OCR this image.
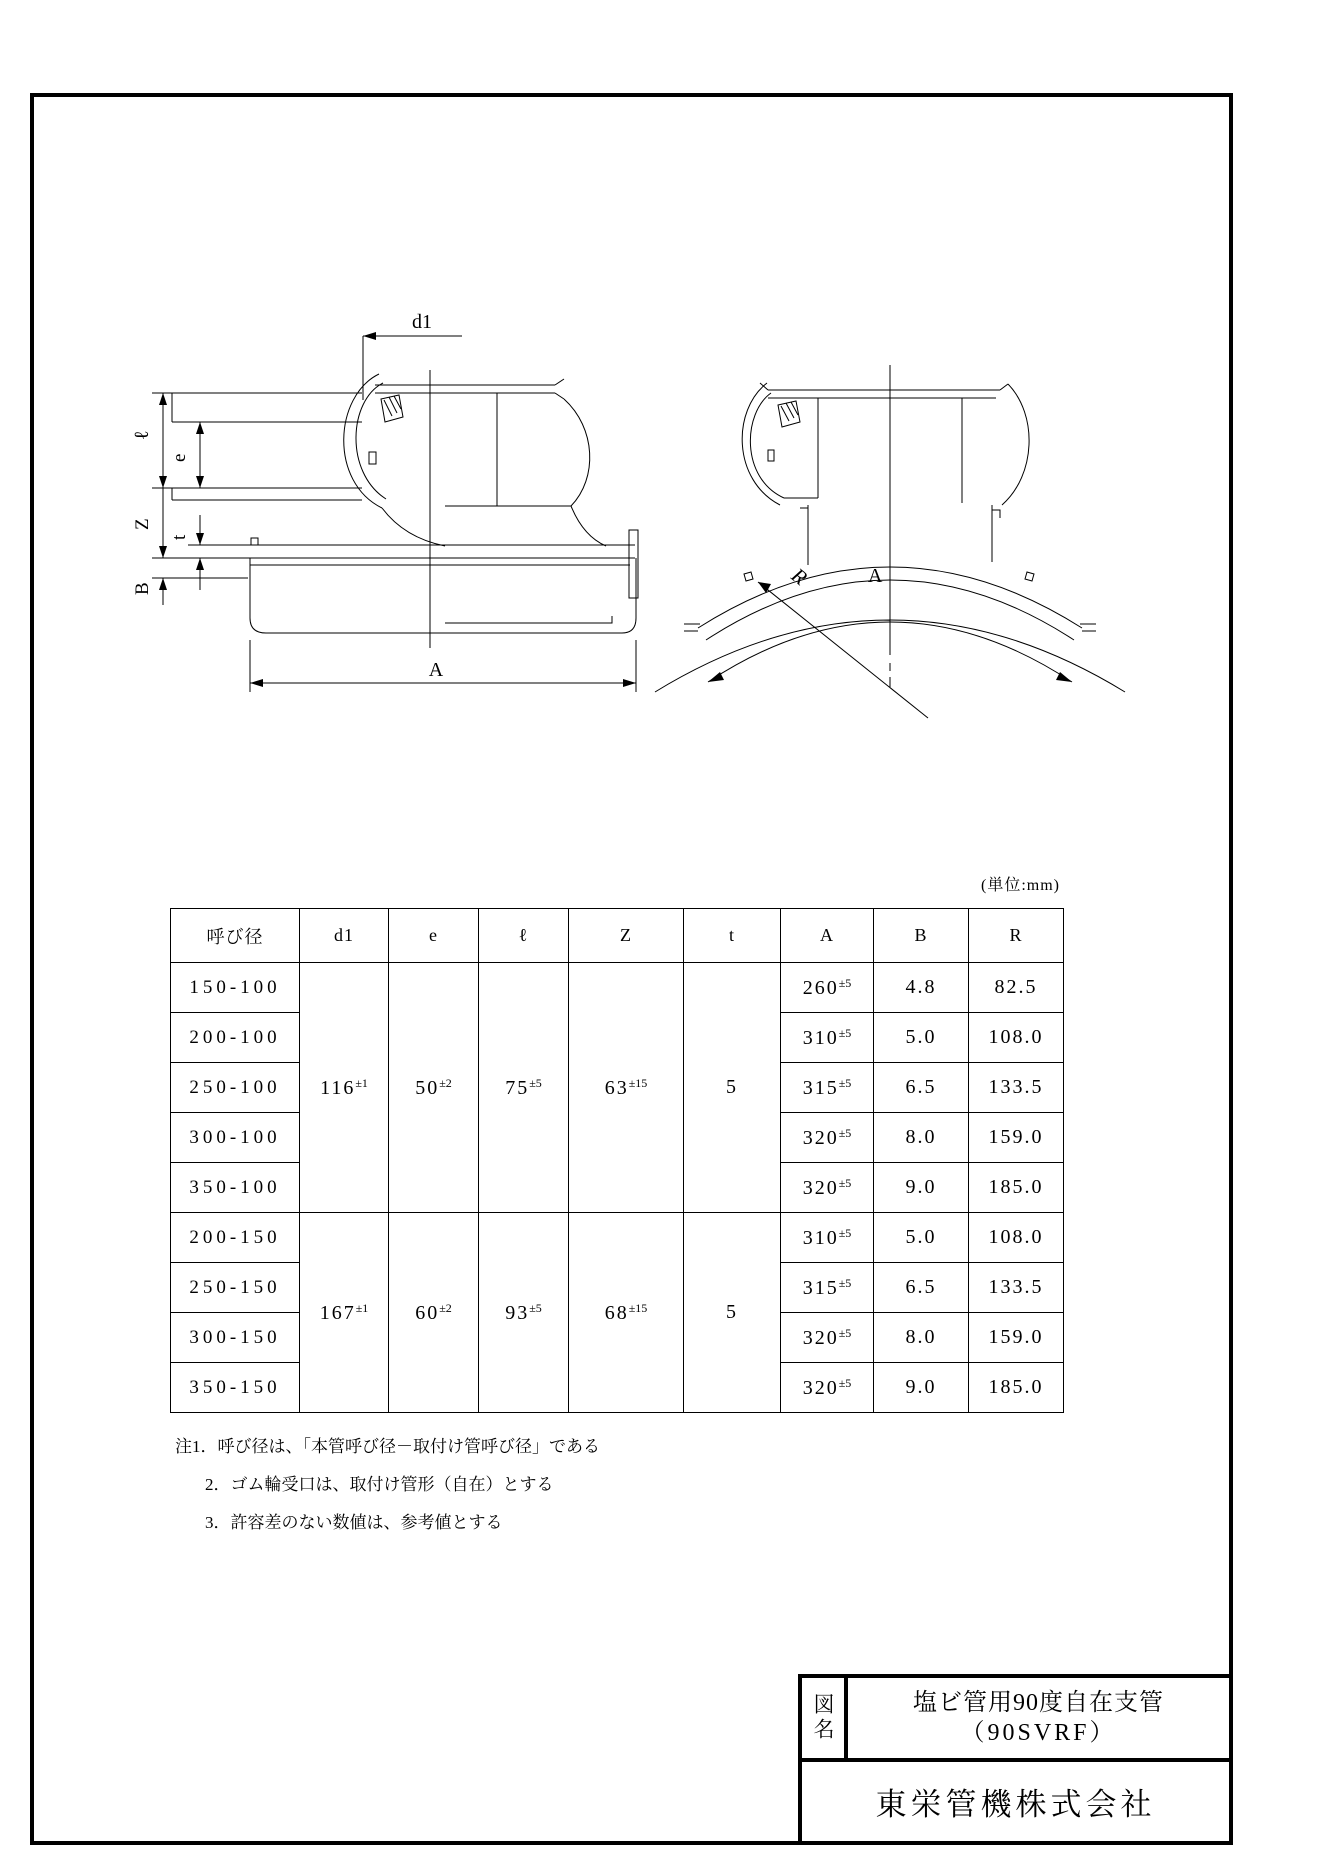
d1
ℓ
e
Z
t
B
A
R	A
(単位:mm)
呼び径	d1	e	ℓ	Z	t	A	B	R
150-100	$116^{\pm 1}$	$50^{\pm 2}$	$75^{\pm 5}$	$63^{\pm 15}$	5	$260^{\pm 5}$	4.8	82.5
200-100						$310^{\pm 5}$	5.0	108.0
250-100						$315^{\pm 5}$	6.5	133.5
300-100						$320^{\pm 5}$	8.0	159.0
350-100						$320^{\pm 5}$	9.0	185.0
200-150	$167^{\pm 1}$	$60^{\pm 2}$	$93^{\pm 5}$	$68^{\pm 15}$	5	$310^{\pm 5}$	5.0	108.0
250-150						$315^{\pm 5}$	6.5	133.5
300-150						$320^{\pm 5}$	8.0	159.0
350-150						$320^{\pm 5}$	9.0	185.0
注1．呼び径は、「本管呼び径－取付け管呼び径」である
2．ゴム輪受口は、取付け管形（自在）とする
3．許容差のない数値は、参考値とする
図名	塩ビ管用90度自在支管
（90SVRF）
東栄管機株式会社
